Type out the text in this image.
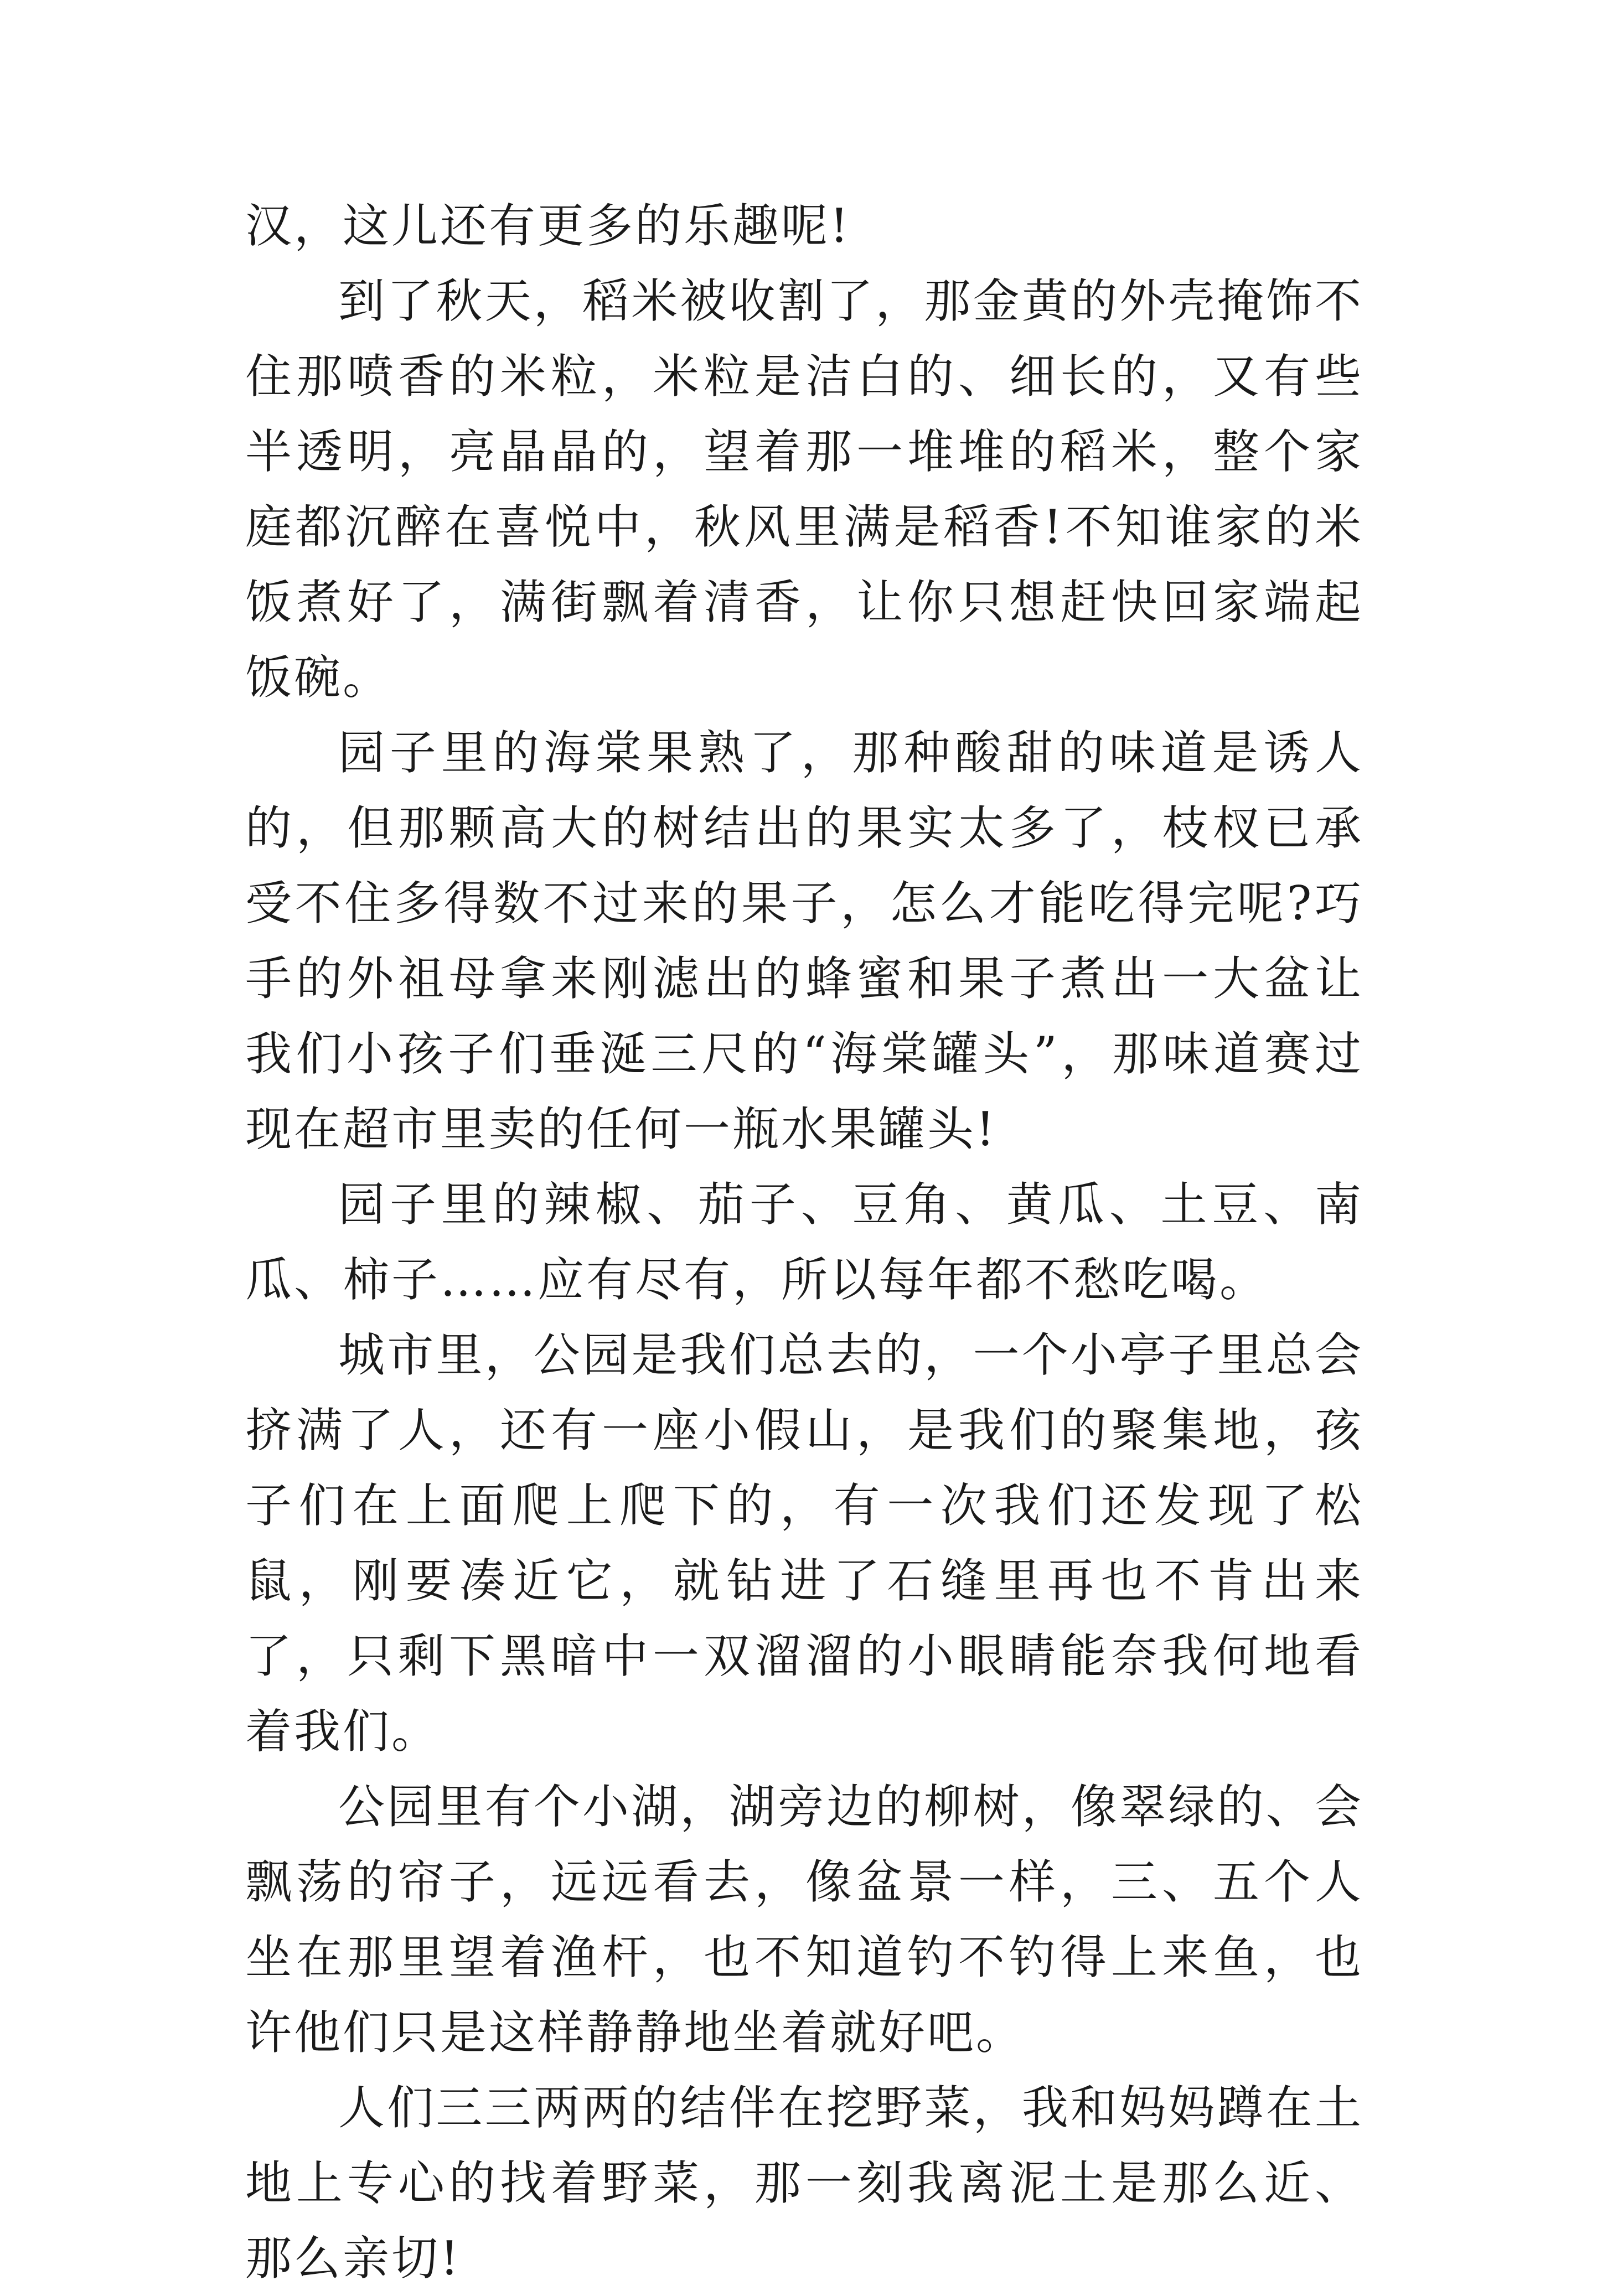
汉，这儿还有更多的乐趣呢!

到了秋天，稻米被收割了，那金黄的外壳掩饰不住那喷香的米粒，米粒是洁白的、细长的，又有些半透明，亮晶晶的，望着那一堆堆的稻米，整个家庭都沉醉在喜悦中，秋风里满是稻香!不知谁家的米饭煮好了，满街飘着清香，让你只想赶快回家端起饭碗。

园子里的海棠果熟了，那种酸甜的味道是诱人的，但那颗高大的树结出的果实太多了，枝杈已承受不住多得数不过来的果子，怎么才能吃得完呢?巧手的外祖母拿来刚滤出的蜂蜜和果子煮出一大盆让我们小孩子们垂涎三尺的“海棠罐头”，那味道赛过现在超市里卖的任何一瓶水果罐头!

园子里的辣椒、茄子、豆角、黄瓜、土豆、南瓜、柿子……应有尽有，所以每年都不愁吃喝。

城市里，公园是我们总去的，一个小亭子里总会挤满了人，还有一座小假山，是我们的聚集地，孩子们在上面爬上爬下的，有一次我们还发现了松鼠，刚要凑近它，就钻进了石缝里再也不肯出来了，只剩下黑暗中一双溜溜的小眼睛能奈我何地看着我们。

公园里有个小湖，湖旁边的柳树，像翠绿的、会飘荡的帘子，远远看去，像盆景一样，三、五个人坐在那里望着渔杆，也不知道钓不钓得上来鱼，也许他们只是这样静静地坐着就好吧。

人们三三两两的结伴在挖野菜，我和妈妈蹲在土地上专心的找着野菜，那一刻我离泥土是那么近、那么亲切!
